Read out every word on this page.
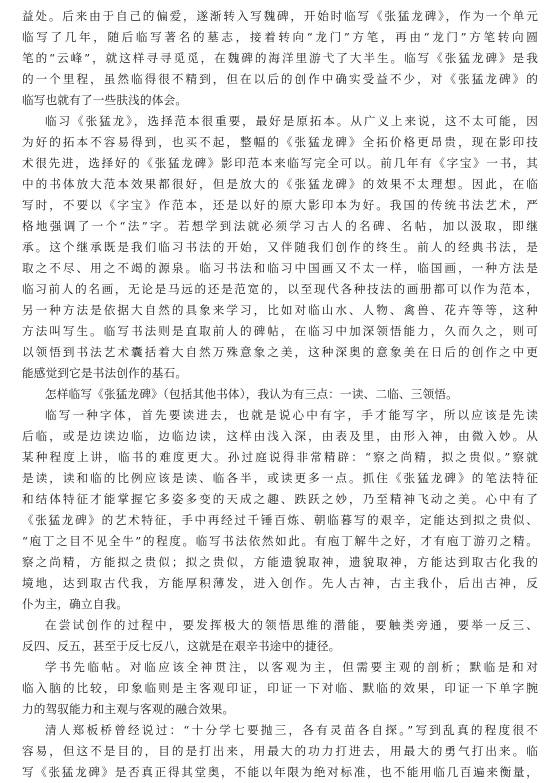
益处。后来由于自己的偏爱，遂渐转入写魏碑，开始时临写《张猛龙碑》，作为一个单元
临写了几年，随后临写著名的墓志，接着转向“龙门”方笔，再由“龙门”方笔转向圆
笔的“云峰”，就这样寻寻觅觅，在魏碑的海洋里游弋了大半生。临写《张猛龙碑》是我
的一个里程，虽然临得很不精到，但在以后的创作中确实受益不少，对《张猛龙碑》的
临写也就有了一些肤浅的体会。
临习《张猛龙》，选择范本很重要，最好是原拓本。从广义上来说，这不太可能，因
为好的拓本不容易得到，也买不起，整幅的《张猛龙碑》全拓价格更昂贵，现在影印技
术很先进，选择好的《张猛龙碑》影印范本来临写完全可以。前几年有《字宝》一书，其
中的书体放大范本效果都很好，但是放大的《张猛龙碑》的效果不太理想。因此，在临
写时，不要以《字宝》作范本，还是以好的原大影印本为好。我国的传统书法艺术，严
格地强调了一个“法”字。若想学到法就必须学习古人的名碑、名帖，加以汲取，即继
承。这个继承既是我们临习书法的开始，又伴随我们创作的终生。前人的经典书法，是
取之不尽、用之不竭的源泉。临习书法和临习中国画又不太一样，临国画，一种方法是
临习前人的名画，无论是马远的还是范宽的，以至现代各种技法的画册都可以作为范本，
另一种方法是依据大自然的具象来学习，比如对临山水、人物、禽兽、花卉等等，这种
方法叫写生。临写书法则是直取前人的碑帖，在临习中加深领悟能力，久而久之，则可
以领悟到书法艺术囊括着大自然万殊意象之美，这种深奥的意象美在日后的创作之中更
能感觉到它是书法创作的基石。
怎样临写《张猛龙碑》（包括其他书体），我认为有三点：一读、二临、三领悟。
临写一种字体，首先要读进去，也就是说心中有字，手才能写字，所以应该是先读
后临，或是边读边临，边临边读，这样由浅入深，由表及里，由形入神，由微入妙。从
某种程度上讲，临书的难度更大。孙过庭说得非常精辟：“察之尚精，拟之贵似。”察就
是读，读和临的比例应该是读、临各半，或读更多一点。抓住《张猛龙碑》的笔法特征
和结体特征才能掌握它多姿多变的天成之趣、跌跃之妙，乃至精神飞动之美。心中有了
《张猛龙碑》的艺术特征，手中再经过千锤百炼、朝临暮写的艰辛，定能达到拟之贵似、
“庖丁之目不见全牛”的程度。临写书法依然如此。有庖丁解牛之好，才有庖丁游刃之精。
察之尚精，方能拟之贵似；拟之贵似，方能遗貌取神，遗貌取神，方能达到取古化我的
境地，达到取古代我，方能厚积薄发，进入创作。先人古神，古主我仆，后出古神，反
仆为主，确立自我。
在尝试创作的过程中，要发挥极大的领悟思维的潜能，要触类旁通，要举一反三、
反四、反五，甚至于反七反八，这就是在艰辛书途中的捷径。
学书先临帖。对临应该全神贯注，以客观为主，但需要主观的剖析；默临是和对
临入脑的比较，印象临则是主客观印证，印证一下对临、默临的效果，印证一下单字腕
力的驾驭能力和主观与客观的融合效果。
清人郑板桥曾经说过：“十分学七要抛三，各有灵苗各自探。”写到乱真的程度很不
容易，但这不是目的，目的是打出来，用最大的功力打进去，用最大的勇气打出来。临
写《张猛龙碑》是否真正得其堂奥，不能以年限为绝对标准，也不能用临几百遍来衡量，
